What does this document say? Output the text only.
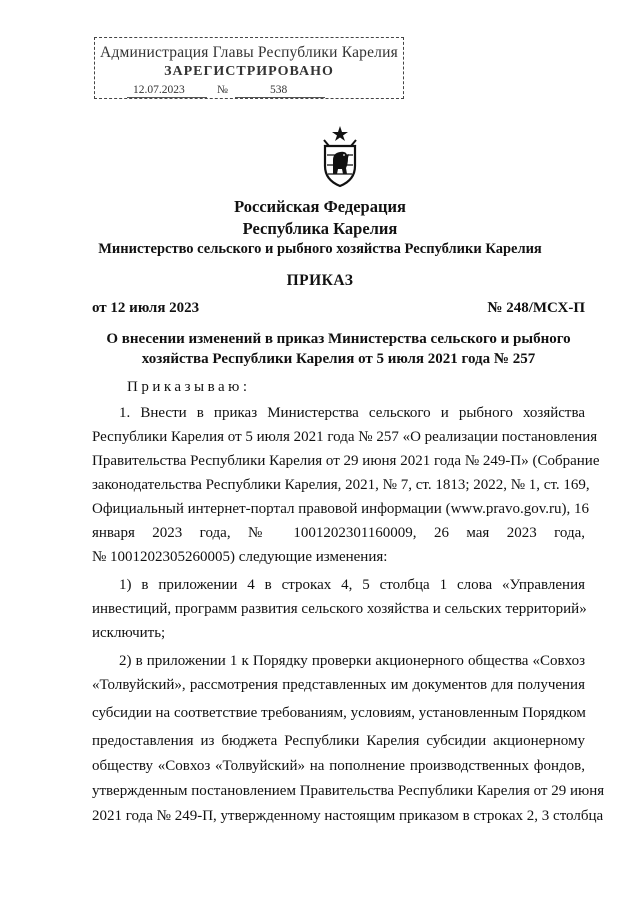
Администрация Главы Республики Карелия
ЗАРЕГИСТРИРОВАНО
12.07.2023	№	538
Российская Федерация
Республика Карелия
Министерство сельского и рыбного хозяйства Республики Карелия
ПРИКАЗ
от 12 июля 2023	№ 248/МСХ-П
О внесении изменений в приказ Министерства сельского и рыбного
хозяйства Республики Карелия от 5 июля 2021 года № 257
Приказываю:
1. Внести в приказ Министерства сельского и рыбного хозяйства
Республики Карелия от 5 июля 2021 года № 257 «О реализации постановления
Правительства Республики Карелия от 29 июня 2021 года № 249-П» (Собрание
законодательства Республики Карелия, 2021, № 7, ст. 1813; 2022, № 1, ст. 169,
Официальный интернет-портал правовой информации (www.pravo.gov.ru), 16
января 2023 года, № 1001202301160009, 26 мая 2023 года,
№ 1001202305260005) следующие изменения:
1) в приложении 4 в строках 4, 5 столбца 1 слова «Управления
инвестиций, программ развития сельского хозяйства и сельских территорий»
исключить;
2) в приложении 1 к Порядку проверки акционерного общества «Совхоз
«Толвуйский», рассмотрения представленных им документов для получения
субсидии на соответствие требованиям, условиям, установленным Порядком
предоставления из бюджета Республики Карелия субсидии акционерному
обществу «Совхоз «Толвуйский» на пополнение производственных фондов,
утвержденным постановлением Правительства Республики Карелия от 29 июня
2021 года № 249-П, утвержденному настоящим приказом в строках 2, 3 столбца
